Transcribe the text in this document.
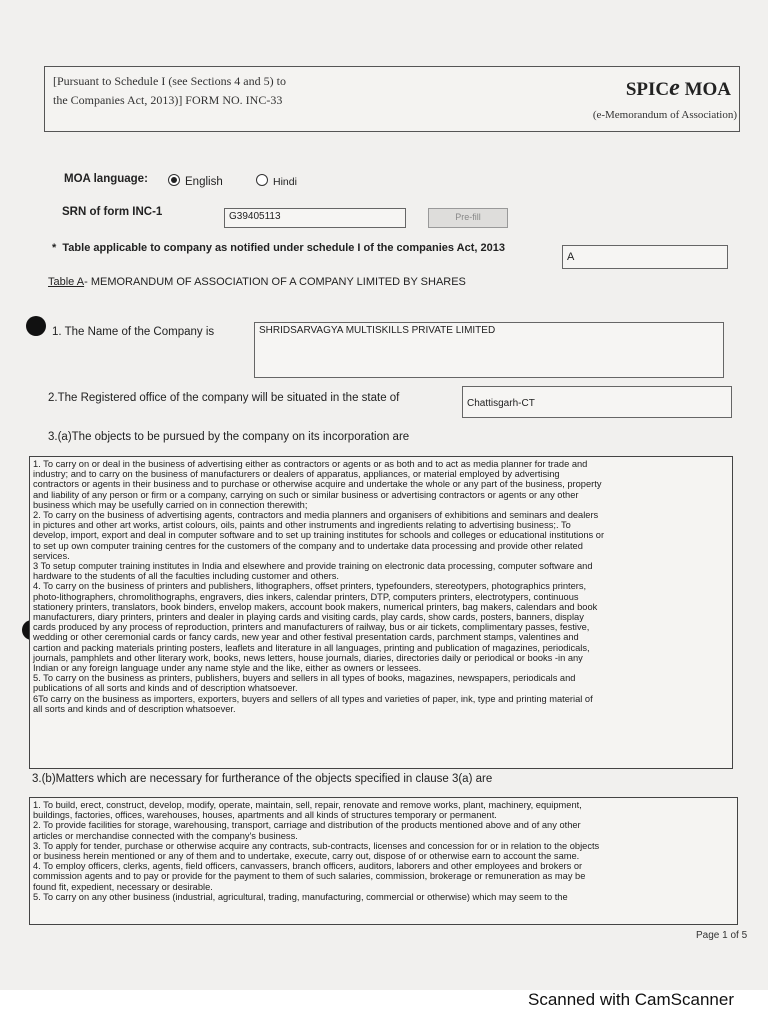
[Pursuant to Schedule I (see Sections 4 and 5) to
the Companies Act, 2013)] FORM NO. INC-33	SPICe MOA
(e-Memorandum of Association)
MOA language:	English	Hindi
SRN of form INC-1	G39405113	Pre-fill
*  Table applicable to company as notified under schedule I of the companies Act, 2013
A
Table A- MEMORANDUM OF ASSOCIATION OF A COMPANY LIMITED BY SHARES
1. The Name of the Company is	SHRIDSARVAGYA MULTISKILLS PRIVATE LIMITED
2.The Registered office of the company will be situated in the state of	Chattisgarh-CT
3.(a)The objects to be pursued by the company on its incorporation are

1. To carry on or deal in the business of advertising either as contractors or agents or as both and to act as media planner for trade and

industry; and to carry on the business of manufacturers or dealers of apparatus, appliances, or material employed by advertising

contractors or agents in their business and to purchase or otherwise acquire and undertake the whole or any part of the business, property

and liability of any person or firm or a company, carrying on such or similar business or advertising contractors or agents or any other

business which may be usefully carried on in connection therewith;

2. To carry on the business of advertising agents, contractors and media planners and organisers of exhibitions and seminars and dealers

in pictures and other art works, artist colours, oils, paints and other instruments and ingredients relating to advertising business;. To

develop, import, export and deal in computer software and to set up training institutes for schools and colleges or educational institutions or

to set up own computer training centres for the customers of the company and to undertake data processing and provide other related

services.

3 To setup computer training institutes in India and elsewhere and provide training on electronic data processing, computer software and

hardware to the students of all the faculties including customer and others.

4. To carry on the business of printers and publishers, lithographers, offset printers, typefounders, stereotypers, photographics printers,

photo-lithographers, chromolithographs, engravers, dies inkers, calendar printers, DTP, computers printers, electrotypers, continuous

stationery printers, translators, book binders, envelop makers, account book makers, numerical printers, bag makers, calendars and book

manufacturers, diary printers, printers and dealer in playing cards and visiting cards, play cards, show cards, posters, banners, display

cards produced by any process of reproduction, printers and manufacturers of railway, bus or air tickets, complimentary passes, festive,

wedding or other ceremonial cards or fancy cards, new year and other festival presentation cards, parchment stamps, valentines and

cartion and packing materials printing posters, leaflets and literature in all languages, printing and publication of magazines, periodicals,

journals, pamphlets and other literary work, books, news letters, house journals, diaries, directories daily or periodical or books -in any

Indian or any foreign language under any name style and the like, either as owners or lessees.

5. To carry on the business as printers, publishers, buyers and sellers in all types of books, magazines, newspapers, periodicals and

publications of all sorts and kinds and of description whatsoever.

6To carry on the business as importers, exporters, buyers and sellers of all types and varieties of paper, ink, type and printing material of

all sorts and kinds and of description whatsoever.

3.(b)Matters which are necessary for furtherance of the objects specified in clause 3(a) are

1. To build, erect, construct, develop, modify, operate, maintain, sell, repair, renovate and remove works, plant, machinery, equipment,

buildings, factories, offices, warehouses, houses, apartments and all kinds of structures temporary or permanent.

2. To provide facilities for storage, warehousing, transport, carriage and distribution of the products mentioned above and of any other

articles or merchandise connected with the company's business.

3. To apply for tender, purchase or otherwise acquire any contracts, sub-contracts, licenses and concession for or in relation to the objects

or business herein mentioned or any of them and to undertake, execute, carry out, dispose of or otherwise earn to account the same.

4. To employ officers, clerks, agents, field officers, canvassers, branch officers, auditors, laborers and other employees and brokers or

commission agents and to pay or provide for the payment to them of such salaries, commission, brokerage or remuneration as may be

found fit, expedient, necessary or desirable.

5. To carry on any other business (industrial, agricultural, trading, manufacturing, commercial or otherwise) which may seem to the

Page 1 of 5
Scanned with CamScanner
